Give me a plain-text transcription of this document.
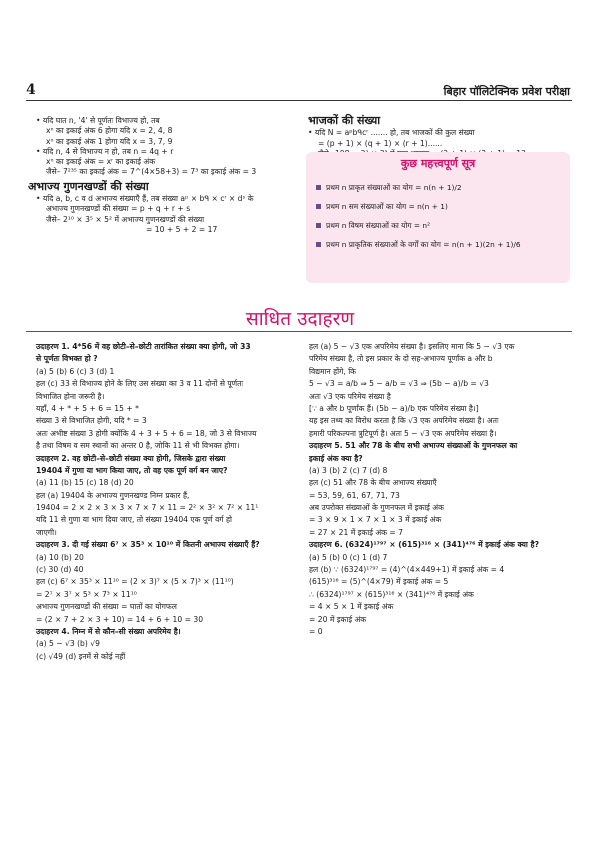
4	बिहार पॉलिटेक्निक प्रवेश परीक्षा
• यदि घात n, '4' से पूर्णतः विभाज्य हो, तब
xⁿ का इकाई अंक 6 होगा यदि x = 2, 4, 8
xⁿ का इकाई अंक 1 होगा यदि x = 3, 7, 9
• यदि n, 4 से विभाज्य न हो, तब n = 4q + r
xⁿ का इकाई अंक = xʳ का इकाई अंक
जैसे– 7²³⁵ का इकाई अंक = 7^(4×58+3) = 7³ का इकाई अंक = 3
अभाज्य गुणनखण्डों की संख्या
• यदि a, b, c व d अभाज्य संख्याएँ हैं, तब संख्या aᵖ × bᑫ × cʳ × dˢ के
अभाज्य गुणनखण्डों की संख्या = p + q + r + s
जैसे– 2¹⁰ × 3⁵ × 5² में अभाज्य गुणनखण्डों की संख्या
= 10 + 5 + 2 = 17
भाजकों की संख्या
• यदि N = aᵖbᑫcʳ ....... हो, तब भाजकों की कुल संख्या
= (p + 1) × (q + 1) × (r + 1)......
कुछ महत्त्वपूर्ण सूत्र
प्रथम n प्राकृत संख्याओं का योग = n(n + 1)/2
प्रथम n सम संख्याओं का योग = n(n + 1)
प्रथम n विषम संख्याओं का योग = n²
प्रथम n प्राकृतिक संख्याओं के वर्गों का योग = n(n + 1)(2n + 1)/6
साधित उदाहरण
उदाहरण 1. 4*56 में वह छोटी–से–छोटी तारांकित संख्या क्या होगी, जो 33
से पूर्णतः विभक्त हो ?
(a) 5 (b) 6 (c) 3 (d) 1
हल (c) 33 से विभाज्य होने के लिए उस संख्या का 3 व 11 दोनों से पूर्णतः
विभाजित होना जरूरी है।
यहाँ, 4 + * + 5 + 6 = 15 + *
संख्या 3 से विभाजित होगी, यदि * = 3
अतः अभीष्ट संख्या 3 होगी क्योंकि 4 + 3 + 5 + 6 = 18, जो 3 से विभाज्य
है तथा विषम व सम स्थानों का अन्तर 0 है, जोकि 11 से भी विभक्त होगा।
उदाहरण 2. वह छोटी–से–छोटी संख्या क्या होगी, जिसके द्वारा संख्या
19404 में गुणा या भाग किया जाए, तो वह एक पूर्ण वर्ग बन जाए?
(a) 11 (b) 15 (c) 18 (d) 20
हल (a) 19404 के अभाज्य गुणनखण्ड निम्न प्रकार हैं,
19404 = 2 × 2 × 3 × 3 × 7 × 7 × 11 = 2² × 3² × 7² × 11¹
यदि 11 से गुणा या भाग दिया जाए, तो संख्या 19404 एक पूर्ण वर्ग हो
जाएगी।
उदाहरण 3. दी गई संख्या 6⁷ × 35³ × 10¹⁰ में कितनी अभाज्य संख्याएँ हैं?
(a) 10 (b) 20
(c) 30 (d) 40
हल (c) 6⁷ × 35³ × 11¹⁰ = (2 × 3)⁷ × (5 × 7)³ × (11¹⁰)
= 2⁷ × 3⁷ × 5³ × 7³ × 11¹⁰
अभाज्य गुणनखण्डों की संख्या = घातों का योगफल
= (2 × 7 + 2 × 3 + 10) = 14 + 6 + 10 = 30
उदाहरण 4. निम्न में से कौन–सी संख्या अपरिमेय है।
(a) 5 − √3 (b) √9
(c) √49 (d) इनमें से कोई नहीं
हल (a) 5 − √3 एक अपरिमेय संख्या है। इसलिए माना कि 5 − √3 एक
परिमेय संख्या है, तो इस प्रकार के दो सह-अभाज्य पूर्णांक a और b
विद्यमान होंगे, कि
5 − √3 = a/b ⇒ 5 − a/b = √3 ⇒ (5b − a)/b = √3
अतः √3 एक परिमेय संख्या है
[∵ a और b पूर्णांक हैं। (5b − a)/b एक परिमेय संख्या है।]
यह इस तथ्य का विरोध करता है कि √3 एक अपरिमेय संख्या है। अतः
हमारी परिकल्पना त्रुटिपूर्ण है। अतः 5 − √3 एक अपरिमेय संख्या है।
उदाहरण 5. 51 और 78 के बीच सभी अभाज्य संख्याओं के गुणनफल का
इकाई अंक क्या है?
(a) 3 (b) 2 (c) 7 (d) 8
हल (c) 51 और 78 के बीच अभाज्य संख्याएँ
= 53, 59, 61, 67, 71, 73
अब उपरोक्त संख्याओं के गुणनफल में इकाई अंक
= 3 × 9 × 1 × 7 × 1 × 3 में इकाई अंक
= 27 × 21 में इकाई अंक = 7
उदाहरण 6. (6324)¹⁷⁹⁷ × (615)³¹⁶ × (341)⁴⁷⁶ में इकाई अंक क्या है?
(a) 5 (b) 0 (c) 1 (d) 7
हल (b) ∵ (6324)¹⁷⁹⁷ = (4)^(4×449+1) में इकाई अंक = 4
(615)³¹⁶ = (5)^(4×79) में इकाई अंक = 5
∴ (6324)¹⁷⁹⁷ × (615)³¹⁶ × (341)⁴⁷⁶ में इकाई अंक
= 4 × 5 × 1 में इकाई अंक
= 20 में इकाई अंक
= 0
